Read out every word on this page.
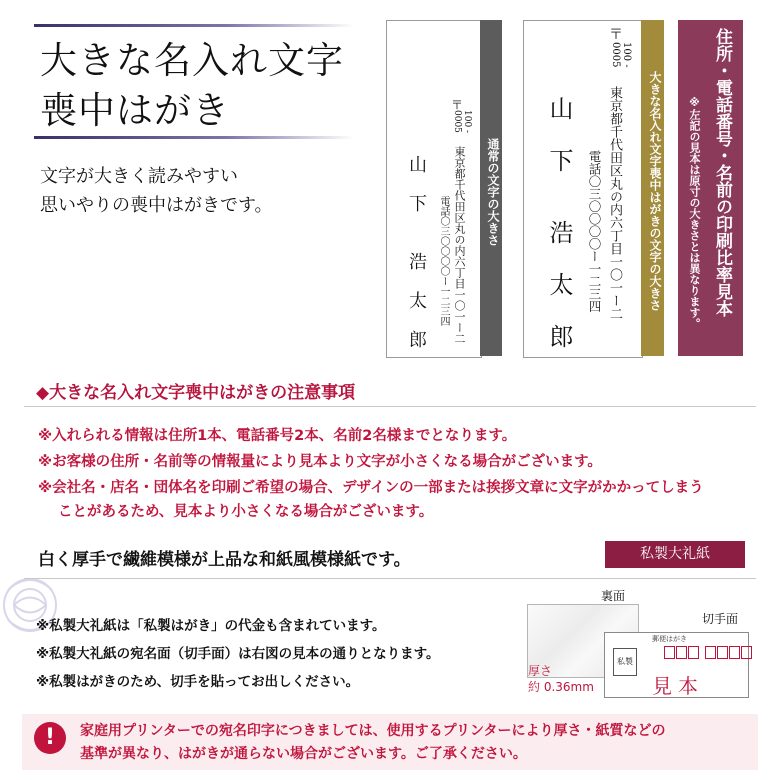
大きな名入れ文字
喪中はがき
文字が大きく読みやすい
思いやりの喪中はがきです。	通常の文字の大きさ
〒
100 - 0005
東京都千代田区丸の内六丁目一〇一ー二
電話〇三〇〇〇〇ー一二三四
山 下
浩 太 郎	大きな名入れ文字喪中はがきの文字の大きさ
〒
100 - 0005
東京都千代田区丸の内六丁目一〇一ー二
電話〇三〇〇〇〇ー一二三四
山 下
浩 太 郎	住所・電話番号・名前の印刷比率見本
※左記の見本は原寸の大きさとは異なります。
◆大きな名入れ文字喪中はがきの注意事項
※入れられる情報は住所1本、電話番号2本、名前2名様までとなります。
※お客様の住所・名前等の情報量により見本より文字が小さくなる場合がございます。
※会社名・店名・団体名を印刷ご希望の場合、デザインの一部または挨拶文章に文字がかかってしまう
ことがあるため、見本より小さくなる場合がございます。
白く厚手で繊維模様が上品な和紙風模様紙です。	私製大礼紙
※私製大礼紙は「私製はがき」の代金も含まれています。
※私製大礼紙の宛名面（切手面）は右図の見本の通りとなります。
※私製はがきのため、切手を貼ってお出しください。
裏面
切手面
郵便はがき
私製
見本
厚さ
約 0.36mm
!	家庭用プリンターでの宛名印字につきましては、使用するプリンターにより厚さ・紙質などの
基準が異なり、はがきが通らない場合がございます。ご了承ください。
